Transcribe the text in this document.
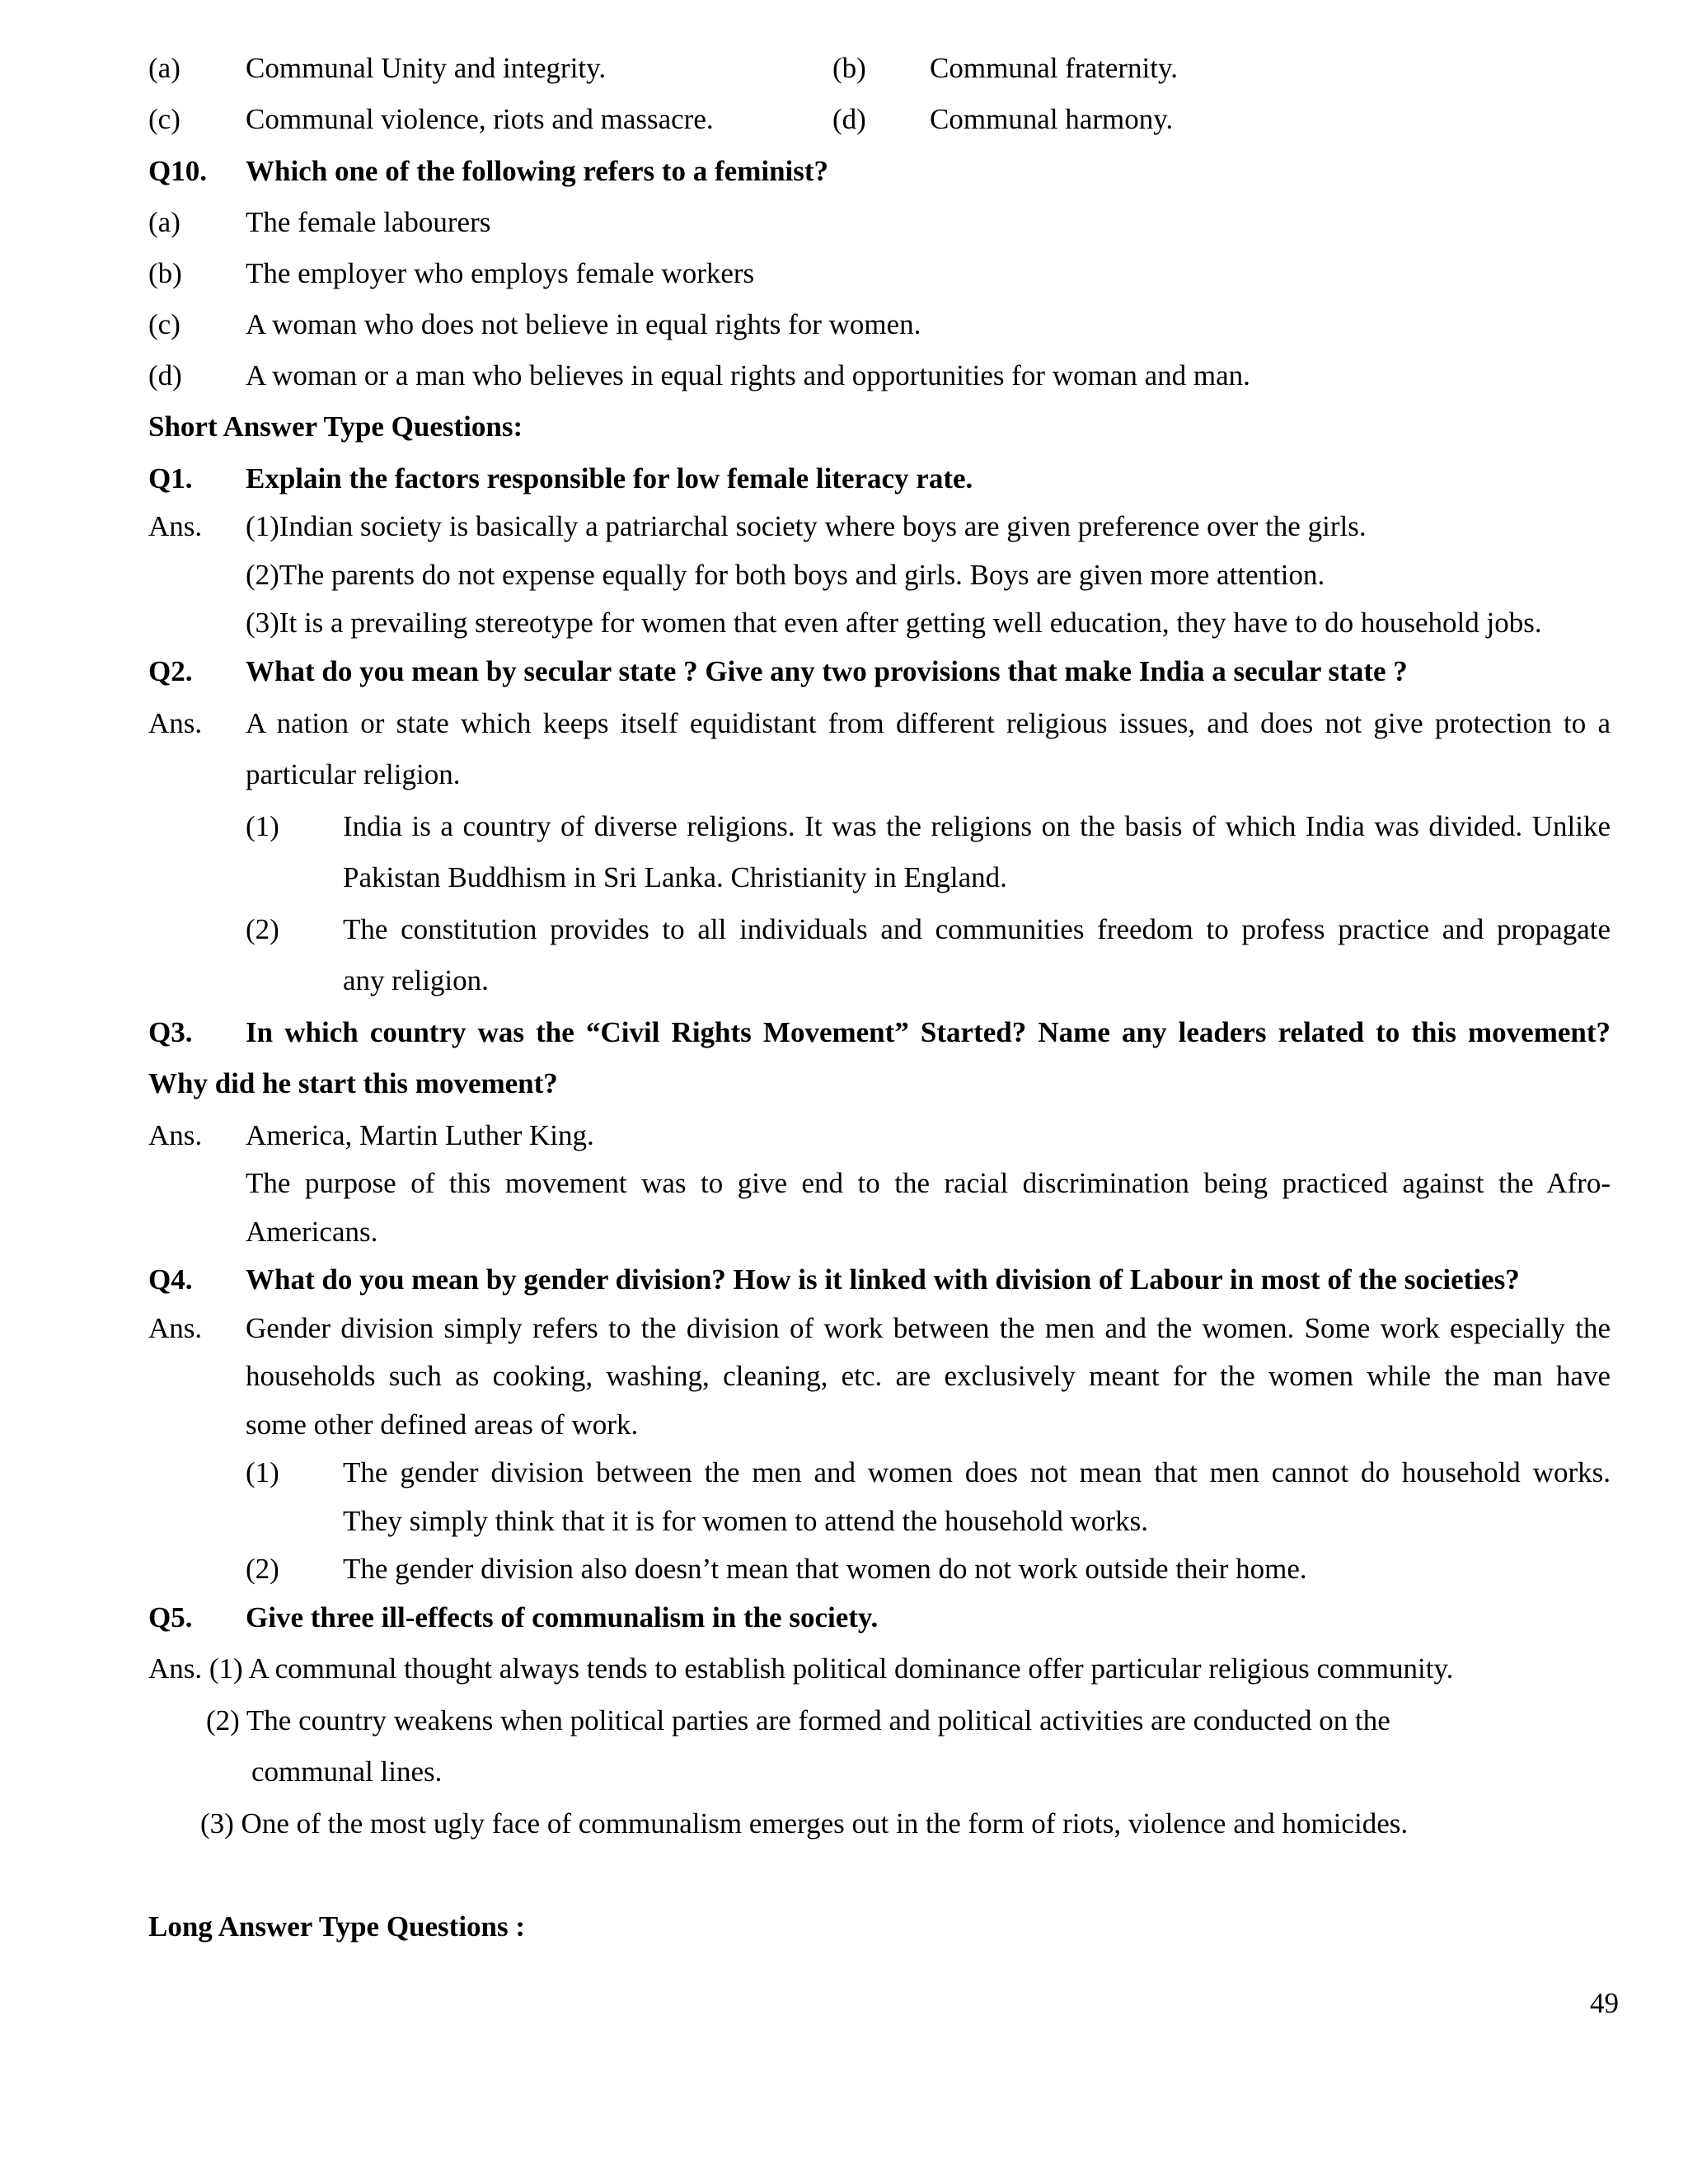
(a) Communal Unity and integrity.	(b) Communal fraternity.
(c) Communal violence, riots and massacre.	(d) Communal harmony.
Q10. Which one of the following refers to a feminist?
(a) The female labourers
(b) The employer who employs female workers
(c) A woman who does not believe in equal rights for women.
(d) A woman or a man who believes in equal rights and opportunities for woman and man.
Short Answer Type Questions:
Q1. Explain the factors responsible for low female literacy rate.
Ans. (1)Indian society is basically a patriarchal society where boys are given preference over the girls.
(2)The parents do not expense equally for both boys and girls. Boys are given more attention.
(3)It is a prevailing stereotype for women that even after getting well education, they have to do household jobs.
Q2. What do you mean by secular state ? Give any two provisions that make India a secular state ?
Ans. A nation or state which keeps itself equidistant from different religious issues, and does not give protection to a
particular religion.
(1) India is a country of diverse religions. It was the religions on the basis of which India was divided. Unlike
Pakistan Buddhism in Sri Lanka. Christianity in England.
(2) The constitution provides to all individuals and communities freedom to profess practice and propagate
any religion.
Q3. In which country was the “Civil Rights Movement” Started? Name any leaders related to this movement?
Why did he start this movement?
Ans. America, Martin Luther King.
The purpose of this movement was to give end to the racial discrimination being practiced against the Afro-
Americans.
Q4. What do you mean by gender division? How is it linked with division of Labour in most of the societies?
Ans. Gender division simply refers to the division of work between the men and the women. Some work especially the
households such as cooking, washing, cleaning, etc. are exclusively meant for the women while the man have
some other defined areas of work.
(1) The gender division between the men and women does not mean that men cannot do household works.
They simply think that it is for women to attend the household works.
(2) The gender division also doesn’t mean that women do not work outside their home.
Q5. Give three ill-effects of communalism in the society.
Ans. (1) A communal thought always tends to establish political dominance offer particular religious community.
(2) The country weakens when political parties are formed and political activities are conducted on the
communal lines.
(3) One of the most ugly face of communalism emerges out in the form of riots, violence and homicides.
Long Answer Type Questions :
49
